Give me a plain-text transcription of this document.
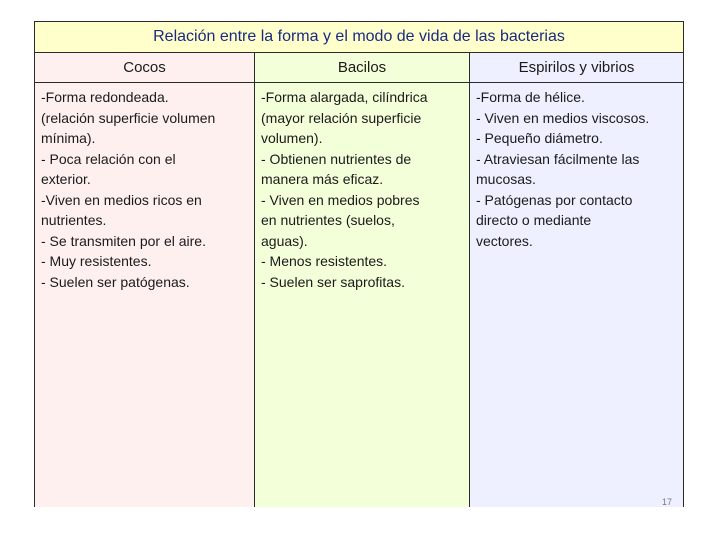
Relación entre la forma y el modo de vida de las bacterias
Cocos	Bacilos	Espirilos y vibrios
-Forma redondeada.
(relación superficie volumen
mínima).
- Poca relación con el
exterior.
-Viven en medios ricos en
nutrientes.
- Se transmiten por el aire.
- Muy resistentes.
- Suelen ser patógenas.
-Forma alargada, cilíndrica
(mayor relación superficie
volumen).
- Obtienen nutrientes de
manera más eficaz.
- Viven en medios pobres
en nutrientes (suelos,
aguas).
- Menos resistentes.
- Suelen ser saprofitas.
-Forma de hélice.
- Viven en medios viscosos.
- Pequeño diámetro.
- Atraviesan fácilmente las
mucosas.
- Patógenas por contacto
directo o mediante
vectores.
17
